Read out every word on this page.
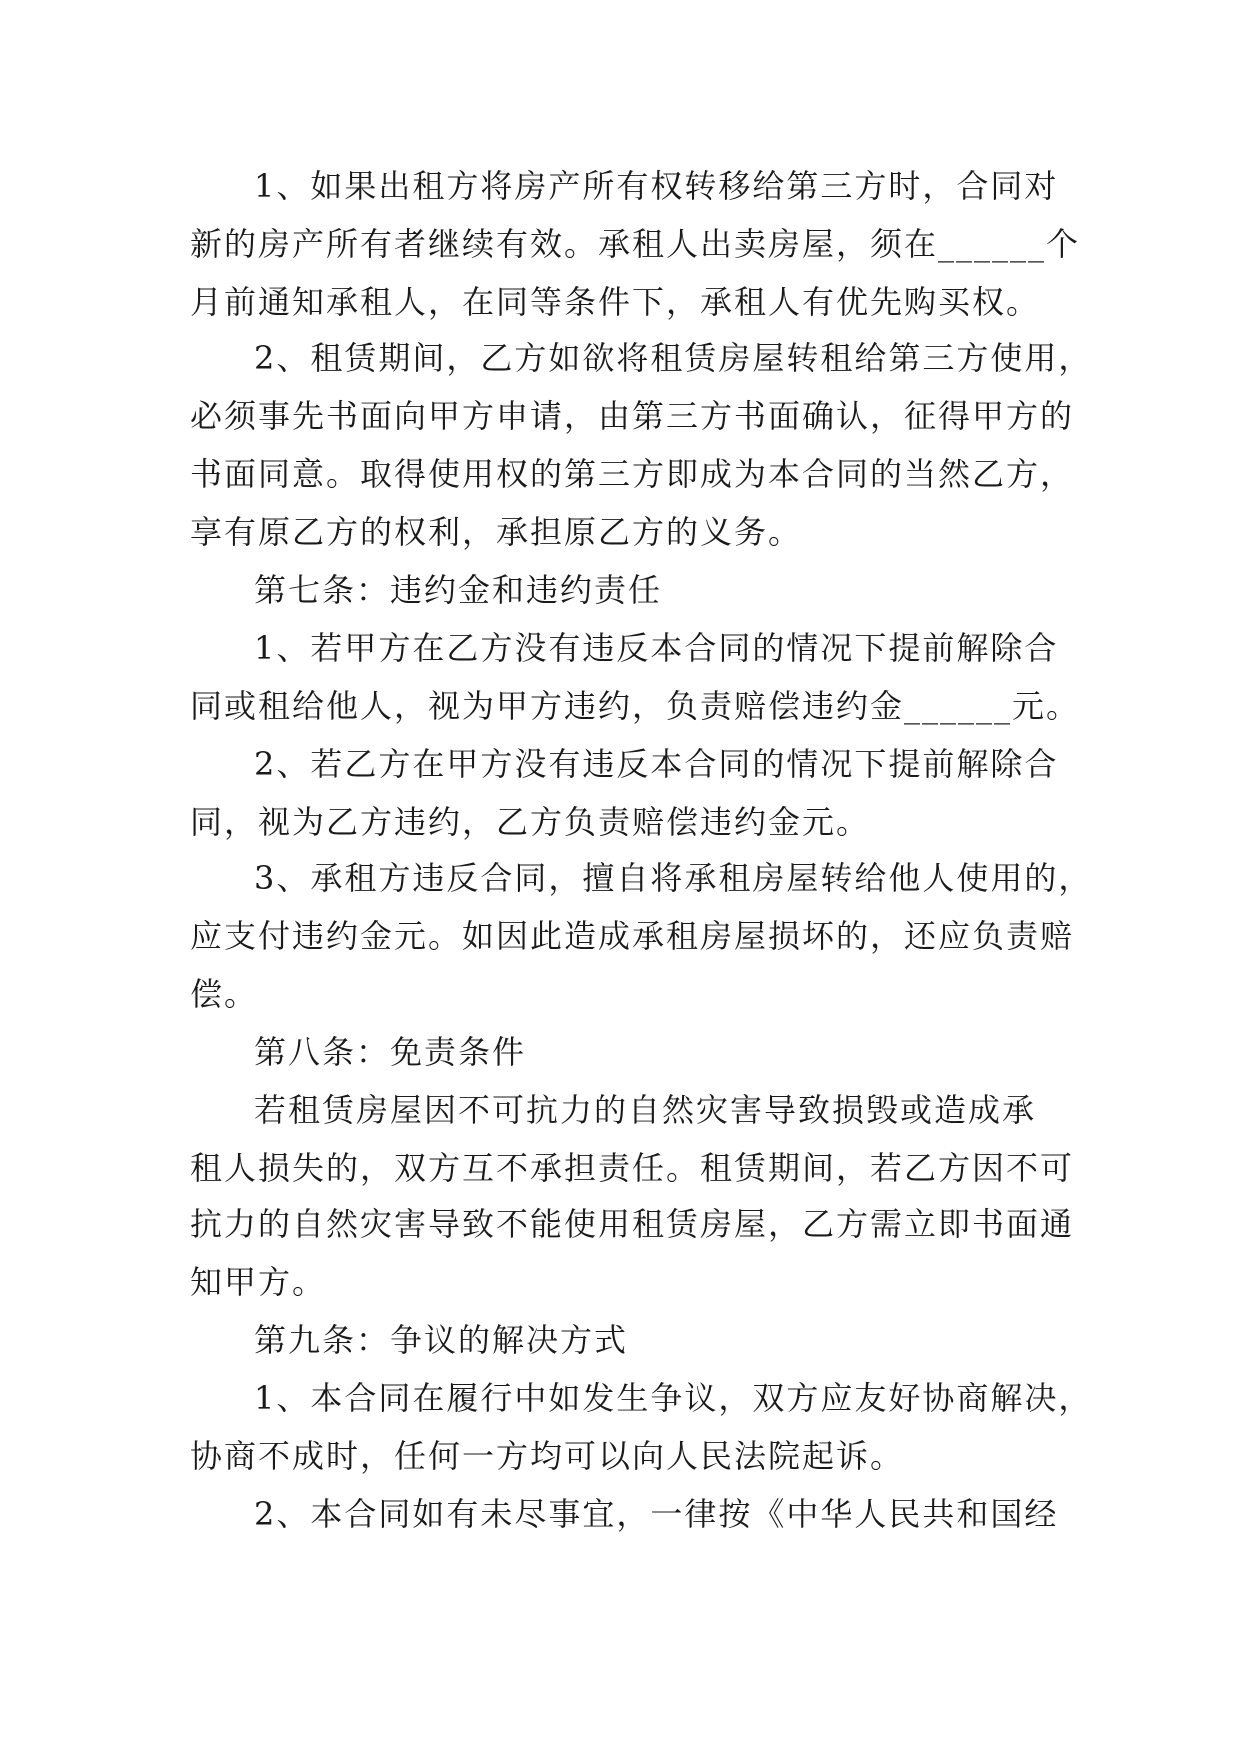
1、如果出租方将房产所有权转移给第三方时，合同对
新的房产所有者继续有效。承租人出卖房屋，须在______个
月前通知承租人，在同等条件下，承租人有优先购买权。
2、租赁期间，乙方如欲将租赁房屋转租给第三方使用，
必须事先书面向甲方申请，由第三方书面确认，征得甲方的
书面同意。取得使用权的第三方即成为本合同的当然乙方，
享有原乙方的权利，承担原乙方的义务。
第七条：违约金和违约责任
1、若甲方在乙方没有违反本合同的情况下提前解除合
同或租给他人，视为甲方违约，负责赔偿违约金______元。
2、若乙方在甲方没有违反本合同的情况下提前解除合
同，视为乙方违约，乙方负责赔偿违约金元。
3、承租方违反合同，擅自将承租房屋转给他人使用的，
应支付违约金元。如因此造成承租房屋损坏的，还应负责赔
偿。
第八条：免责条件
若租赁房屋因不可抗力的自然灾害导致损毁或造成承
租人损失的，双方互不承担责任。租赁期间，若乙方因不可
抗力的自然灾害导致不能使用租赁房屋，乙方需立即书面通
知甲方。
第九条：争议的解决方式
1、本合同在履行中如发生争议，双方应友好协商解决，
协商不成时，任何一方均可以向人民法院起诉。
2、本合同如有未尽事宜，一律按《中华人民共和国经
